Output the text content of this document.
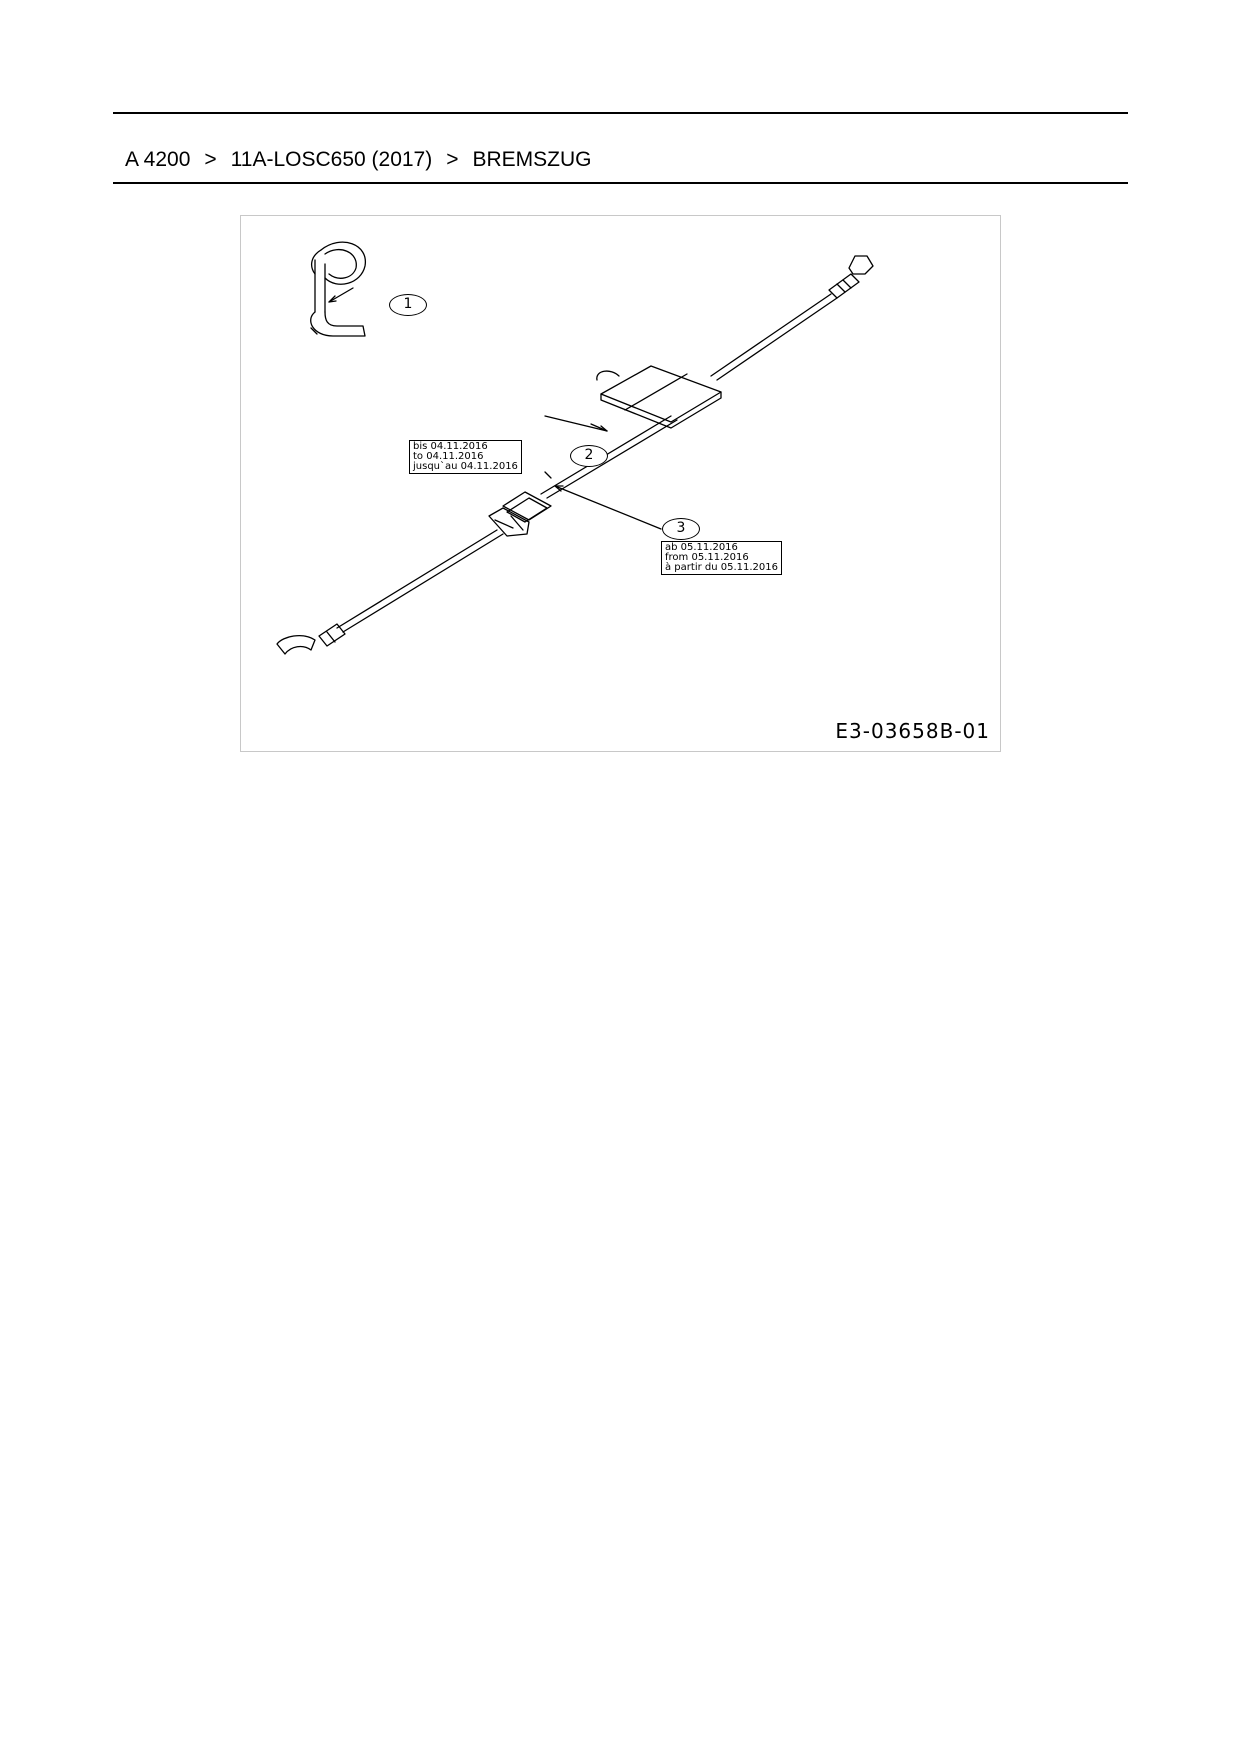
A 4200 > 11A-LOSC650 (2017) > BREMSZUG
1
2
3
bis 04.11.2016
to 04.11.2016
jusqu`au 04.11.2016
ab 05.11.2016
from 05.11.2016
à partir du 05.11.2016
E3-03658B-01
